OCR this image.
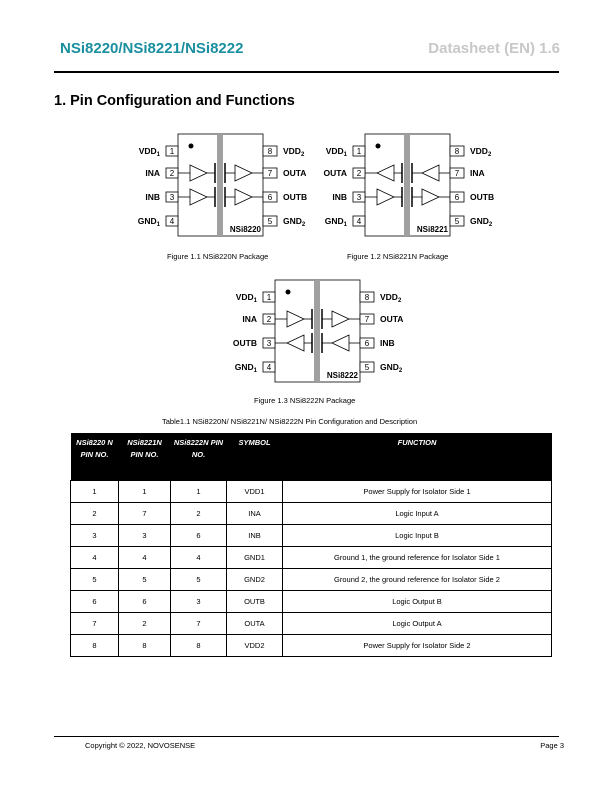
NSi8220/NSi8221/NSi8222	Datasheet (EN) 1.6
1. Pin Configuration and Functions
NSi8220
1	8
$VDD_1$	$VDD_2$
2	7
INA	OUTA
3	6
INB	OUTB
4	5
$GND_1$	$GND_2$	NSi8221
1	8
$VDD_1$	$VDD_2$
2	7
OUTA	INA
3	6
INB	OUTB
4	5
$GND_1$	$GND_2$
NSi8222
1	8
$VDD_1$	$VDD_2$
2	7
INA	OUTA
3	6
OUTB	INB
4	5
$GND_1$	$GND_2$
Figure 1.1 NSi8220N Package	Figure 1.2 NSi8221N Package
Figure 1.3 NSi8222N Package
Table1.1 NSi8220N/ NSi8221N/ NSi8222N Pin Configuration and Description
NSi8220 N PIN NO.	NSi8221N PIN NO.	NSi8222N PIN NO.	SYMBOL	FUNCTION
1	1	1	VDD1	Power Supply for Isolator Side 1
2	7	2	INA	Logic Input A
3	3	6	INB	Logic Input B
4	4	4	GND1	Ground 1, the ground reference for Isolator Side 1
5	5	5	GND2	Ground 2, the ground reference for Isolator Side 2
6	6	3	OUTB	Logic Output B
7	2	7	OUTA	Logic Output A
8	8	8	VDD2	Power Supply for Isolator Side 2
Copyright © 2022, NOVOSENSE	Page 3
